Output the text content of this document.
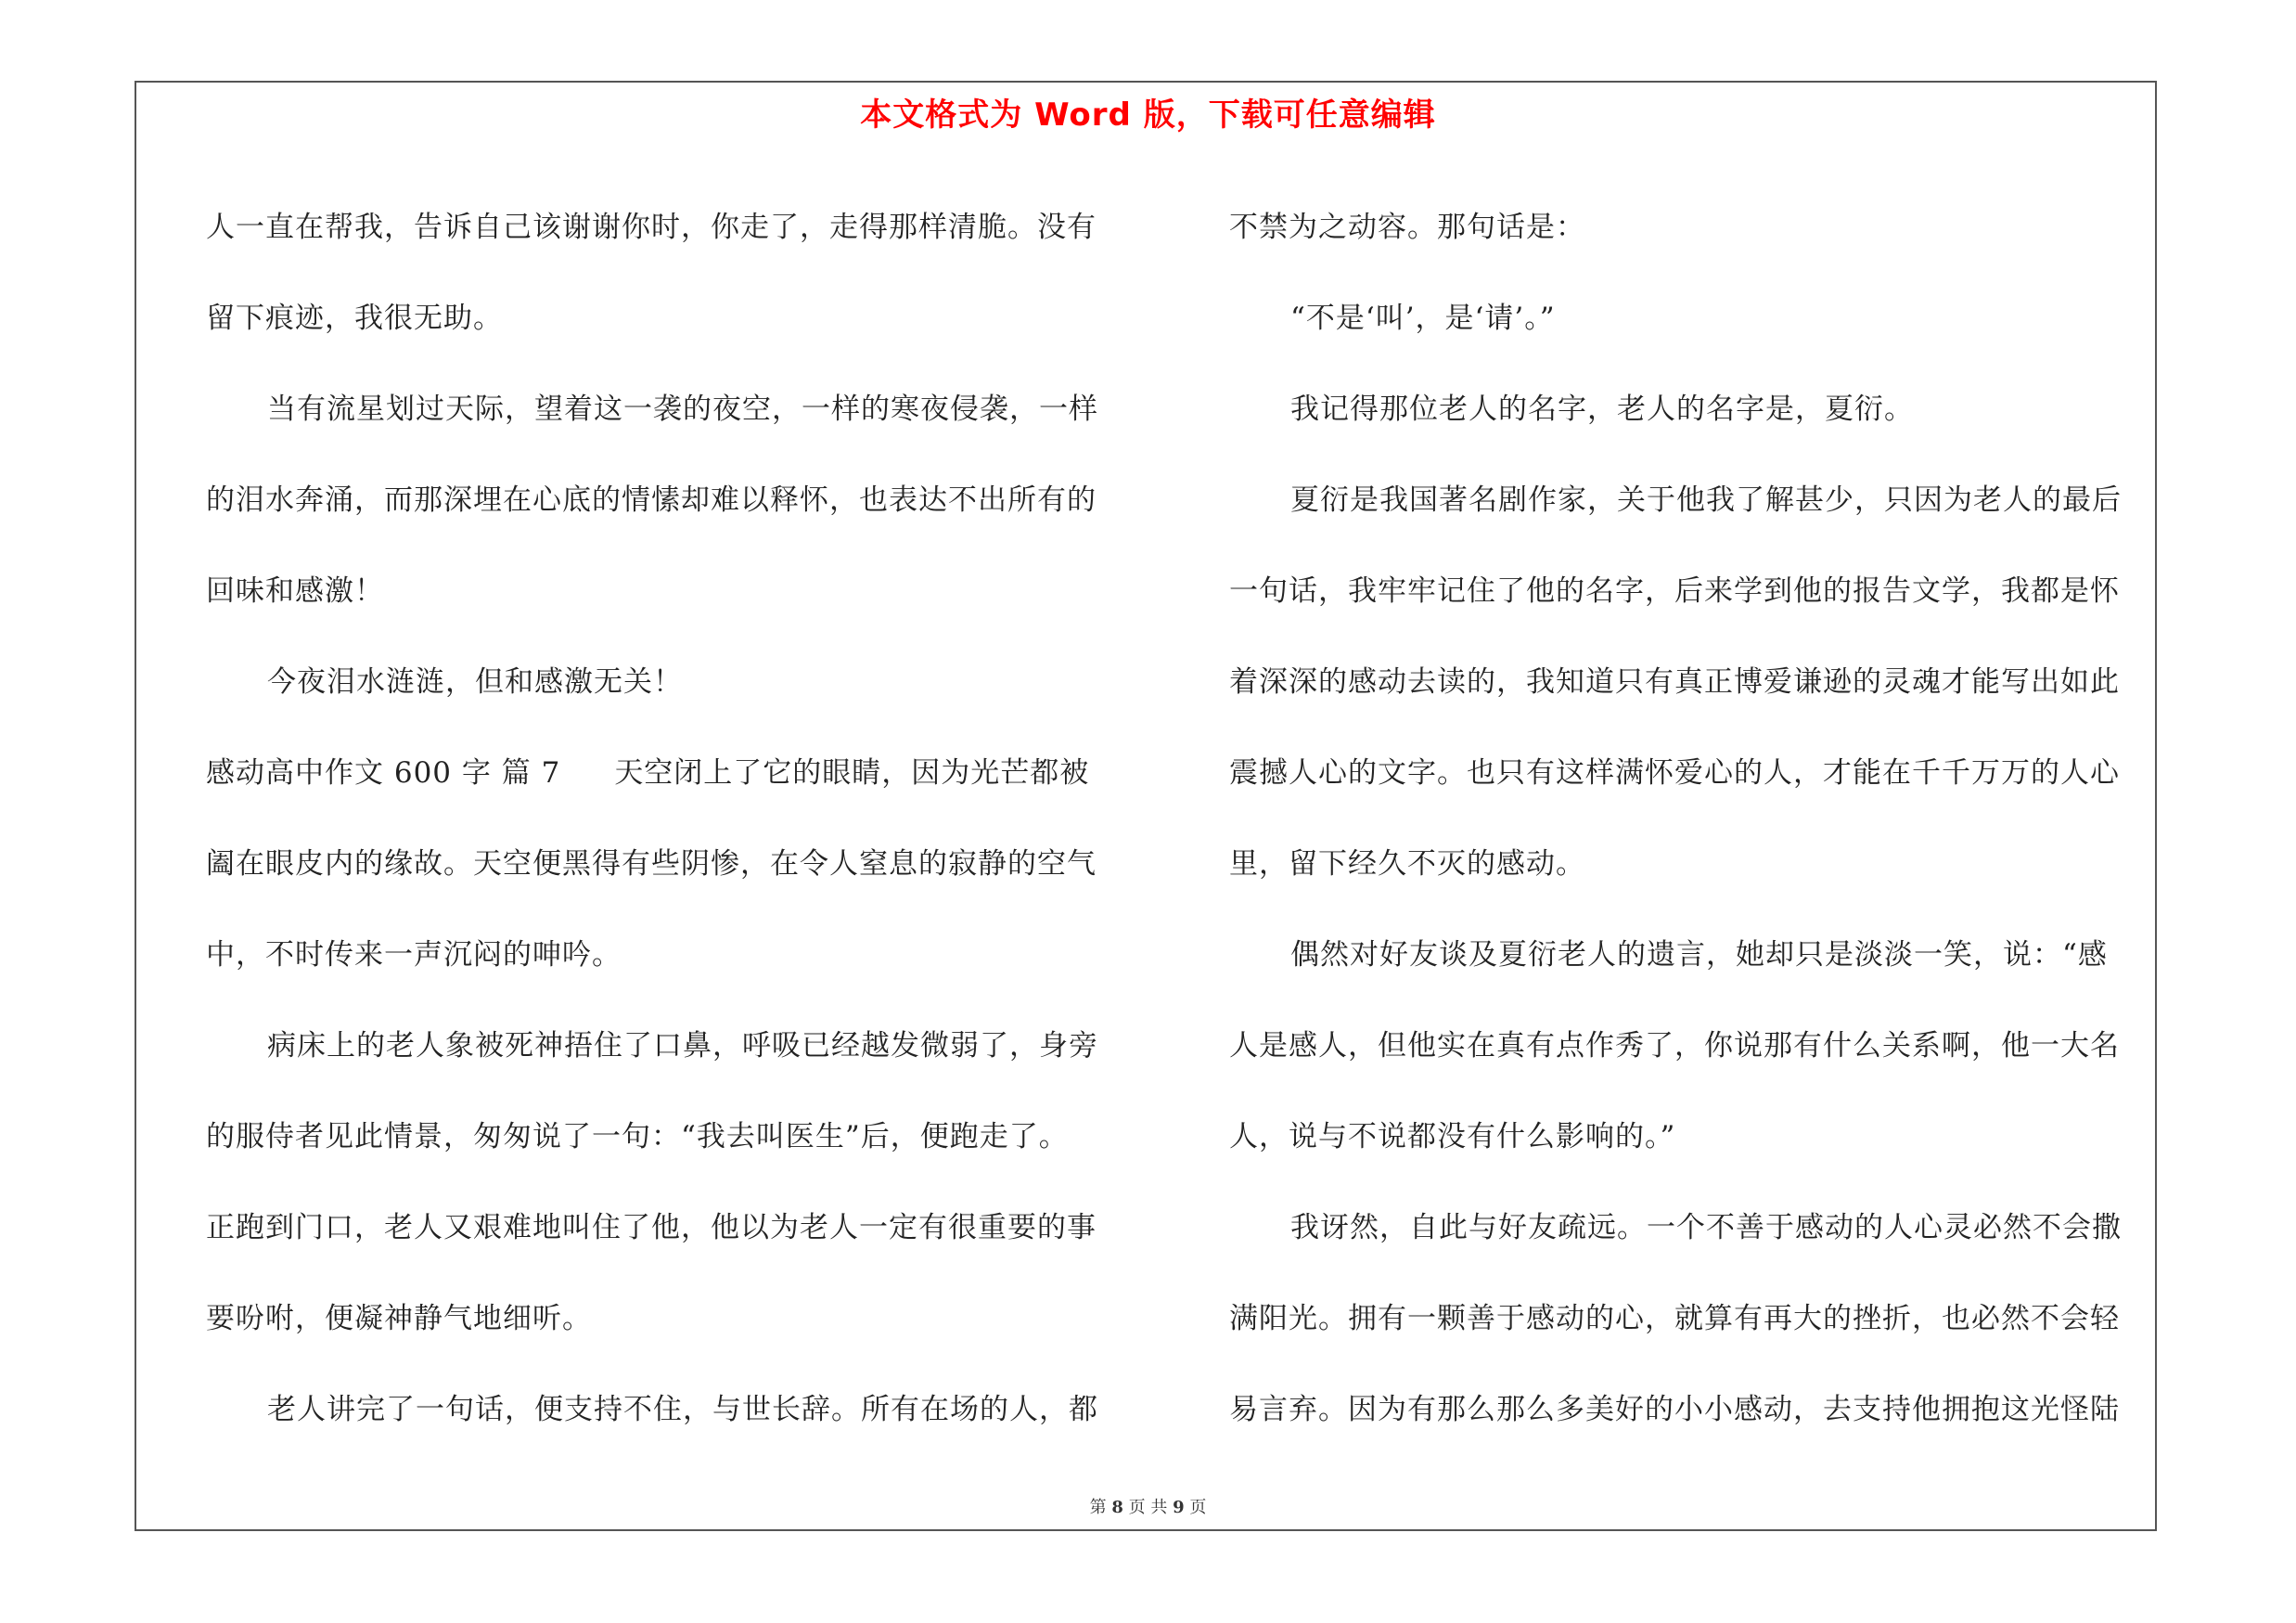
本文格式为 Word 版，下载可任意编辑
人一直在帮我，告诉自己该谢谢你时，你走了，走得那样清脆。没有
留下痕迹，我很无助。
当有流星划过天际，望着这一袭的夜空，一样的寒夜侵袭，一样
的泪水奔涌，而那深埋在心底的情愫却难以释怀，也表达不出所有的
回味和感激！
今夜泪水涟涟，但和感激无关！
感动高中作文 600 字 篇 7 天空闭上了它的眼睛，因为光芒都被
阖在眼皮内的缘故。天空便黑得有些阴惨，在令人窒息的寂静的空气
中，不时传来一声沉闷的呻吟。
病床上的老人象被死神捂住了口鼻，呼吸已经越发微弱了，身旁
的服侍者见此情景，匆匆说了一句：“我去叫医生”后，便跑走了。
正跑到门口，老人又艰难地叫住了他，他以为老人一定有很重要的事
要吩咐，便凝神静气地细听。
老人讲完了一句话，便支持不住，与世长辞。所有在场的人，都
不禁为之动容。那句话是：
“不是‘叫’，是‘请’。”
我记得那位老人的名字，老人的名字是，夏衍。
夏衍是我国著名剧作家，关于他我了解甚少，只因为老人的最后
一句话，我牢牢记住了他的名字，后来学到他的报告文学，我都是怀
着深深的感动去读的，我知道只有真正博爱谦逊的灵魂才能写出如此
震撼人心的文字。也只有这样满怀爱心的人，才能在千千万万的人心
里，留下经久不灭的感动。
偶然对好友谈及夏衍老人的遗言，她却只是淡淡一笑，说：“感
人是感人，但他实在真有点作秀了，你说那有什么关系啊，他一大名
人，说与不说都没有什么影响的。”
我讶然，自此与好友疏远。一个不善于感动的人心灵必然不会撒
满阳光。拥有一颗善于感动的心，就算有再大的挫折，也必然不会轻
易言弃。因为有那么那么多美好的小小感动，去支持他拥抱这光怪陆
第 8 页 共 9 页
